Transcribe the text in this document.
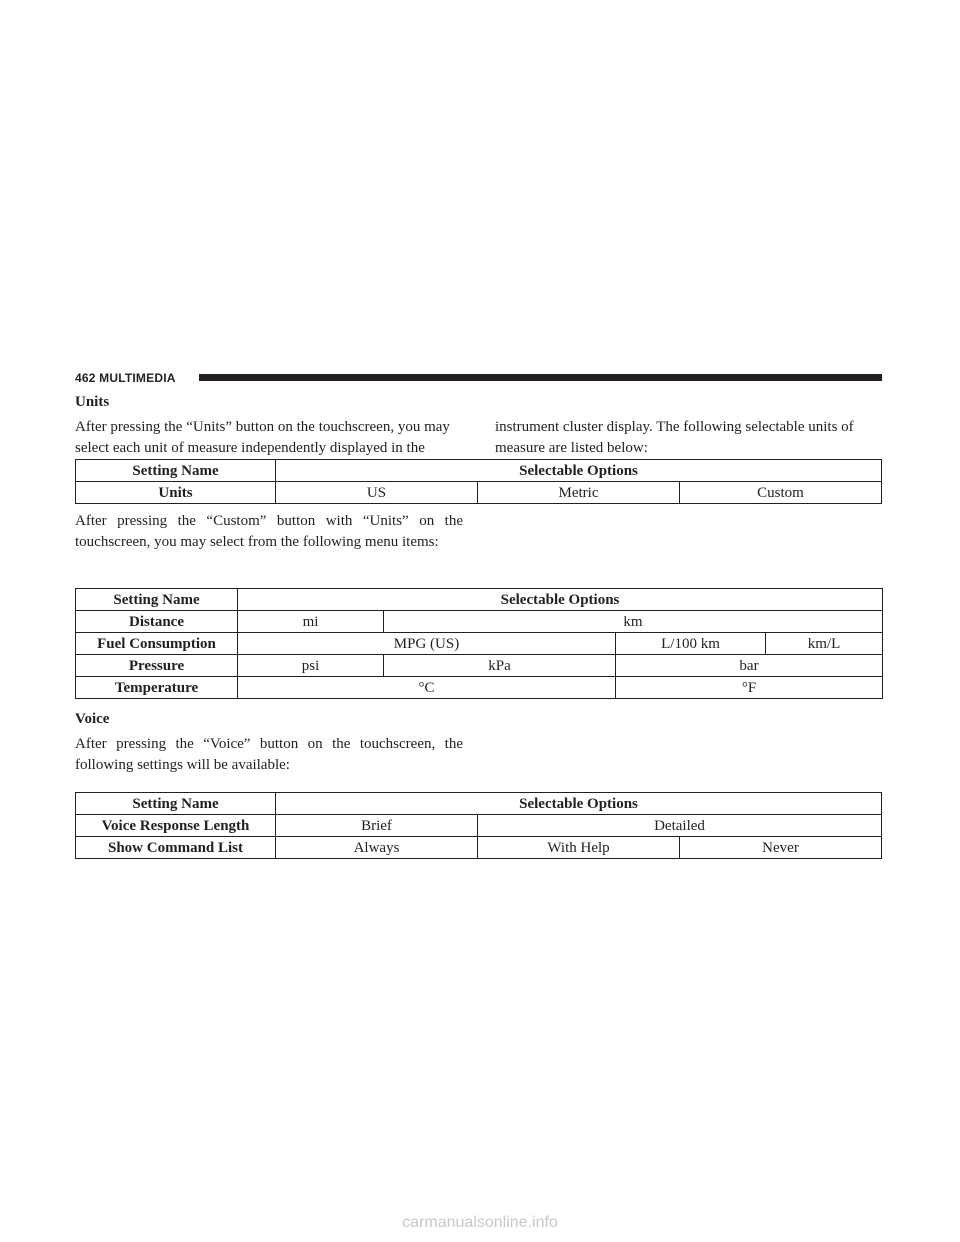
462 MULTIMEDIA
Units
After pressing the “Units” button on the touchscreen, you may
select each unit of measure independently displayed in the
instrument cluster display. The following selectable units of
measure are listed below:
Setting Name	Selectable Options		
Units	US	Metric	Custom

After pressing the “Custom” button with “Units” on the touchscreen, you may select from the following menu items:

Setting Name	Selectable Options			
Distance	mi	km		
Fuel Consumption	MPG (US)		L/100 km	km/L
Pressure	psi	kPa	bar	
Temperature	°C		°F	
Voice

After pressing the “Voice” button on the touchscreen, the following settings will be available:

Setting Name	Selectable Options		
Voice Response Length	Brief	Detailed	
Show Command List	Always	With Help	Never
carmanualsonline.info
